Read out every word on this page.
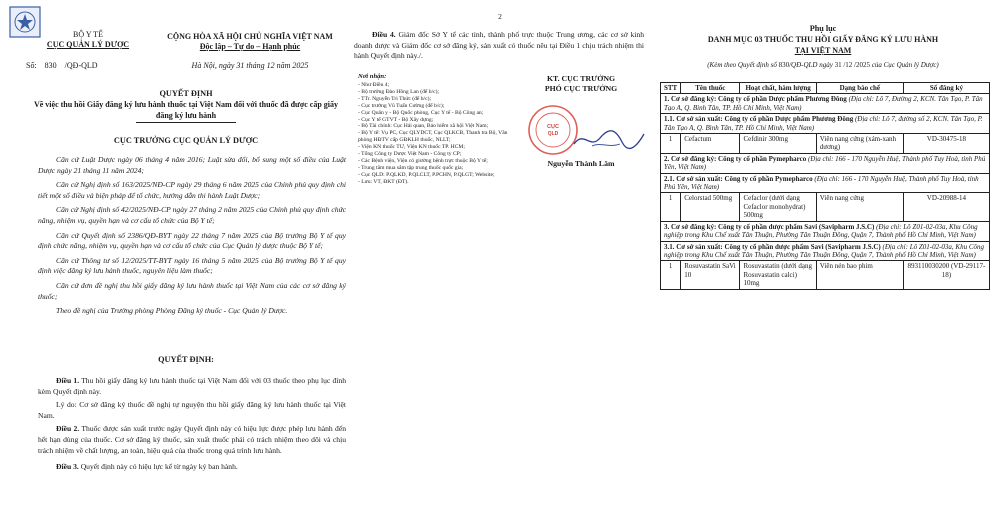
BỘ Y TẾ
CỤC QUẢN LÝ DƯỢC
Số: 830 /QĐ-QLD
CỘNG HÒA XÃ HỘI CHỦ NGHĨA VIỆT NAM
Độc lập – Tự do – Hạnh phúc
Hà Nội, ngày 31 tháng 12 năm 2025
QUYẾT ĐỊNH
Về việc thu hồi Giấy đăng ký lưu hành thuốc tại Việt Nam đối với thuốc đã được cấp giấy đăng ký lưu hành
CỤC TRƯỞNG CỤC QUẢN LÝ DƯỢC

Căn cứ Luật Dược ngày 06 tháng 4 năm 2016; Luật sửa đổi, bổ sung một số điều của Luật Dược ngày 21 tháng 11 năm 2024;

Căn cứ Nghị định số 163/2025/NĐ-CP ngày 29 tháng 6 năm 2025 của Chính phủ quy định chi tiết một số điều và biện pháp để tổ chức, hướng dẫn thi hành Luật Dược;

Căn cứ Nghị định số 42/2025/NĐ-CP ngày 27 tháng 2 năm 2025 của Chính phủ quy định chức năng, nhiệm vụ, quyền hạn và cơ cấu tổ chức của Bộ Y tế;

Căn cứ Quyết định số 2386/QĐ-BYT ngày 22 tháng 7 năm 2025 của Bộ trưởng Bộ Y tế quy định chức năng, nhiệm vụ, quyền hạn và cơ cấu tổ chức của Cục Quản lý dược thuộc Bộ Y tế;

Căn cứ Thông tư số 12/2025/TT-BYT ngày 16 tháng 5 năm 2025 của Bộ trưởng Bộ Y tế quy định việc đăng ký lưu hành thuốc, nguyên liệu làm thuốc;

Căn cứ đơn đề nghị thu hồi giấy đăng ký lưu hành thuốc tại Việt Nam của các cơ sở đăng ký thuốc;

Theo đề nghị của Trưởng phòng Phòng Đăng ký thuốc - Cục Quản lý Dược.

QUYẾT ĐỊNH:

Điều 1. Thu hồi giấy đăng ký lưu hành thuốc tại Việt Nam đối với 03 thuốc theo phụ lục đính kèm Quyết định này.

Lý do: Cơ sở đăng ký thuốc đề nghị tự nguyện thu hồi giấy đăng ký lưu hành thuốc tại Việt Nam.

Điều 2. Thuốc được sản xuất trước ngày Quyết định này có hiệu lực được phép lưu hành đến hết hạn dùng của thuốc. Cơ sở đăng ký thuốc, sản xuất thuốc phải có trách nhiệm theo dõi và chịu trách nhiệm về chất lượng, an toàn, hiệu quả của thuốc trong quá trình lưu hành.

Điều 3. Quyết định này có hiệu lực kể từ ngày ký ban hành.

2
Điều 4. Giám đốc Sở Y tế các tỉnh, thành phố trực thuộc Trung ương, các cơ sở kinh doanh dược và Giám đốc cơ sở đăng ký, sản xuất có thuốc nêu tại Điều 1 chịu trách nhiệm thi hành Quyết định này./.
Nơi nhận:
- Như Điều 4;
- Bộ trưởng Đào Hồng Lan (để b/c);
- TTr. Nguyễn Tri Thức (để b/c);
- Cục trưởng Vũ Tuấn Cường (để b/c);
- Cục Quân y - Bộ Quốc phòng, Cục Y tế - Bộ Công an;
- Cục Y tế GTVT - Bộ Xây dựng;
- Bộ Tài chính: Cục Hải quan, Bảo hiểm xã hội Việt Nam;
- Bộ Y tế: Vụ PC, Cục QLYDCT, Cục QLKCB, Thanh tra Bộ, Văn phòng HĐTV cấp GĐKLH thuốc, NLLT;
- Viện KN thuốc TƯ, Viện KN thuốc TP. HCM;
- Tổng Công ty Dược Việt Nam - Công ty CP;
- Các Bệnh viện, Viện có giường bệnh trực thuộc Bộ Y tế;
- Trung tâm mua sắm tập trung thuốc quốc gia;
- Cục QLD: P.QLKD, P.QLCLT, P.PCHN, P.QLGT; Website;
- Lưu: VT, ĐKT (ĐT).
KT. CỤC TRƯỞNG
PHÓ CỤC TRƯỞNG
CỤC
QLD
Nguyễn Thành Lâm
Phụ lục
DANH MỤC 03 THUỐC THU HỒI GIẤY ĐĂNG KÝ LƯU HÀNH
TẠI VIỆT NAM
(Kèm theo Quyết định số 830/QĐ-QLD ngày 31 /12 /2025 của Cục Quản lý Dược)
STT	Tên thuốc	Hoạt chất, hàm lượng	Dạng bào chế	Số đăng ký
1. Cơ sở đăng ký: Công ty cổ phần Dược phẩm Phương Đông (Địa chỉ: Lô 7, Đường 2, KCN. Tân Tạo, P. Tân Tạo A, Q. Bình Tân, TP. Hồ Chí Minh, Việt Nam)				
1.1. Cơ sở sản xuất: Công ty cổ phần Dược phẩm Phương Đông (Địa chỉ: Lô 7, đường số 2, KCN. Tân Tạo, P. Tân Tạo A, Q. Bình Tân, TP. Hồ Chí Minh, Việt Nam)				
1	Cefactum	Cefdinir 300mg	Viên nang cứng (xám-xanh dương)	VD-30475-18
2. Cơ sở đăng ký: Công ty cổ phần Pymepharco (Địa chỉ: 166 - 170 Nguyễn Huệ, Thành phố Tuy Hoà, tỉnh Phú Yên, Việt Nam)				
2.1. Cơ sở sản xuất: Công ty cổ phần Pymepharco (Địa chỉ: 166 - 170 Nguyễn Huệ, Thành phố Tuy Hoà, tỉnh Phú Yên, Việt Nam)				
1	Celorstad 500mg	Cefaclor (dưới dạng Cefaclor monohydrat) 500mg	Viên nang cứng	VD-20988-14
3. Cơ sở đăng ký: Công ty cổ phần dược phẩm Savi (Savipharm J.S.C) (Địa chỉ: Lô Z01-02-03a, Khu Công nghiệp trong Khu Chế xuất Tân Thuận, Phường Tân Thuận Đông, Quận 7, Thành phố Hồ Chí Minh, Việt Nam)				
3.1. Cơ sở sản xuất: Công ty cổ phần dược phẩm Savi (Savipharm J.S.C) (Địa chỉ: Lô Z01-02-03a, Khu Công nghiệp trong Khu Chế xuất Tân Thuận, Phường Tân Thuận Đông, Quận 7, Thành phố Hồ Chí Minh, Việt Nam)				
1	Rosuvastatin SaVi 10	Rosuvastatin (dưới dạng Rosuvastatin calci) 10mg	Viên nén bao phim	893110030200 (VD-29117-18)
